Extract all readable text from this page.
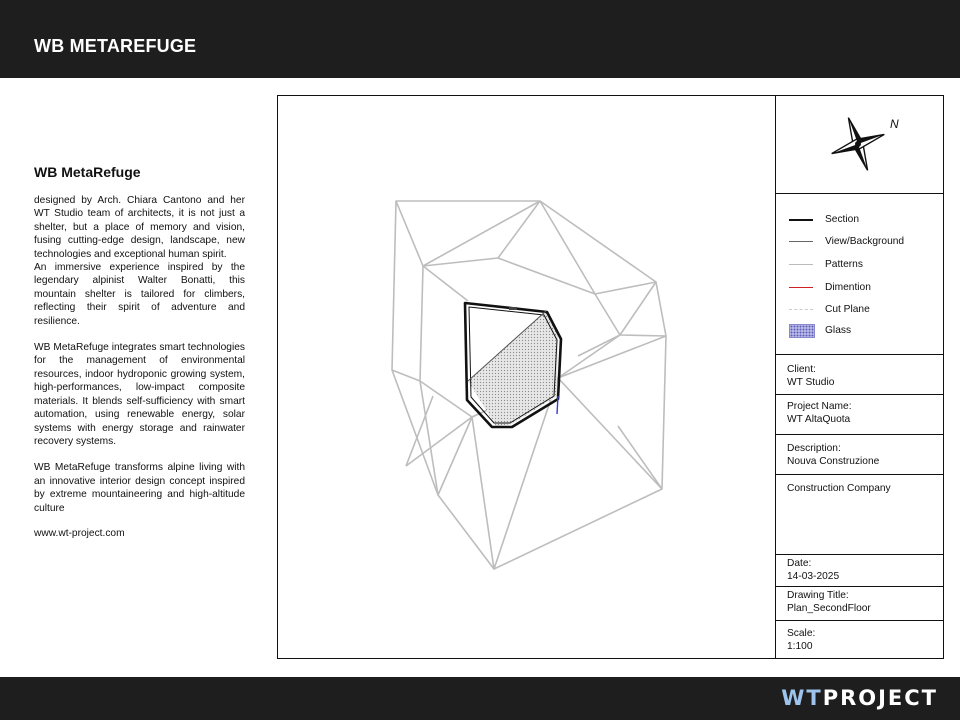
WB METAREFUGE
WB MetaRefuge

designed by Arch. Chiara Cantono and her WT Studio team of architects, it is not just a shelter, but a place of memory and vision, fusing cutting-edge design, landscape, new technologies and exceptional human spirit.

An immersive experience inspired by the legendary alpinist Walter Bonatti, this mountain shelter is tailored for climbers, reflecting their spirit of adventure and resilience.

WB MetaRefuge integrates smart technologies for the management of environmental resources, indoor hydroponic growing system, high-performances, low-impact composite materials. It blends self-sufficiency with smart automation, using renewable energy, solar systems with energy storage and rainwater recovery systems.

WB MetaRefuge transforms alpine living with an innovative interior design concept inspired by extreme mountaineering and high-altitude culture

www.wt-project.com
N
Section
View/Background
Patterns
Dimention
Cut Plane
Glass
Client:
WT Studio
Project Name:
WT AltaQuota
Description:
Nouva Construzione
Construction Company
Date:
14-03-2025
Drawing Title:
Plan_SecondFloor
Scale:
1:100
WTPROJECT
